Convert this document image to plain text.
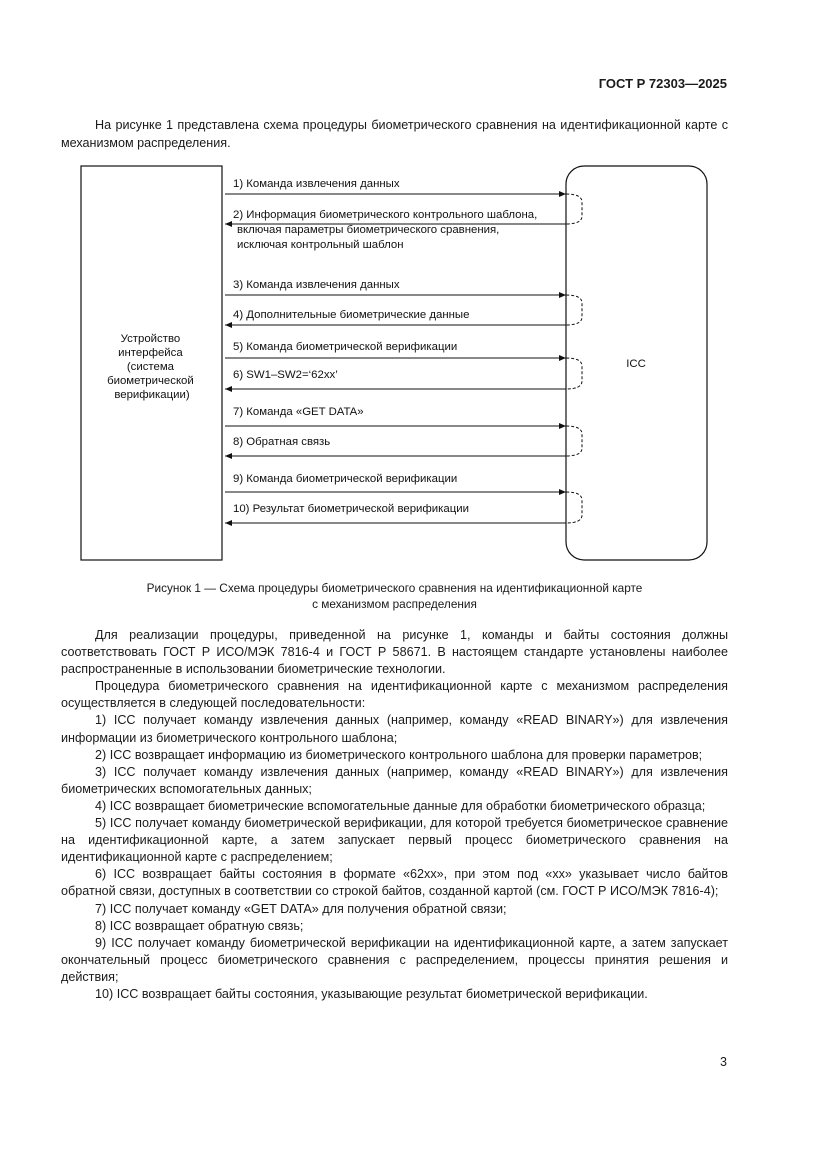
ГОСТ Р 72303—2025

На рисунке 1 представлена схема процедуры биометрического сравнения на идентификационной карте с механизмом распределения.

Устройство интерфейса (система биометрической верификации)
ICC
1) Команда извлечения данных
2) Информация биометрического контрольного шаблона,
включая параметры биометрического сравнения,
исключая контрольный шаблон
3) Команда извлечения данных
4) Дополнительные биометрические данные
5) Команда биометрической верификации
6) SW1–SW2=‘62xx’
7) Команда «GET DATA»
8) Обратная связь
9) Команда биометрической верификации
10) Результат биометрической верификации
Рисунок 1 — Схема процедуры биометрического сравнения на идентификационной карте
с механизмом распределения

Для реализации процедуры, приведенной на рисунке 1, команды и байты состояния должны соответствовать ГОСТ Р ИСО/МЭК 7816-4 и ГОСТ Р 58671. В настоящем стандарте установлены наиболее распространенные в использовании биометрические технологии.

Процедура биометрического сравнения на идентификационной карте с механизмом распределения осуществляется в следующей последовательности:

1) ICC получает команду извлечения данных (например, команду «READ BINARY») для извлечения информации из биометрического контрольного шаблона;

2) ICC возвращает информацию из биометрического контрольного шаблона для проверки параметров;

3) ICC получает команду извлечения данных (например, команду «READ BINARY») для извлечения биометрических вспомогательных данных;

4) ICC возвращает биометрические вспомогательные данные для обработки биометрического образца;

5) ICC получает команду биометрической верификации, для которой требуется биометрическое сравнение на идентификационной карте, а затем запускает первый процесс биометрического сравнения на идентификационной карте с распределением;

6) ICC возвращает байты состояния в формате «62xx», при этом под «xx» указывает число байтов обратной связи, доступных в соответствии со строкой байтов, созданной картой (см. ГОСТ Р ИСО/МЭК 7816-4);

7) ICC получает команду «GET DATA» для получения обратной связи;

8) ICC возвращает обратную связь;

9) ICC получает команду биометрической верификации на идентификационной карте, а затем запускает окончательный процесс биометрического сравнения с распределением, процессы принятия решения и действия;

10) ICC возвращает байты состояния, указывающие результат биометрической верификации.

3
